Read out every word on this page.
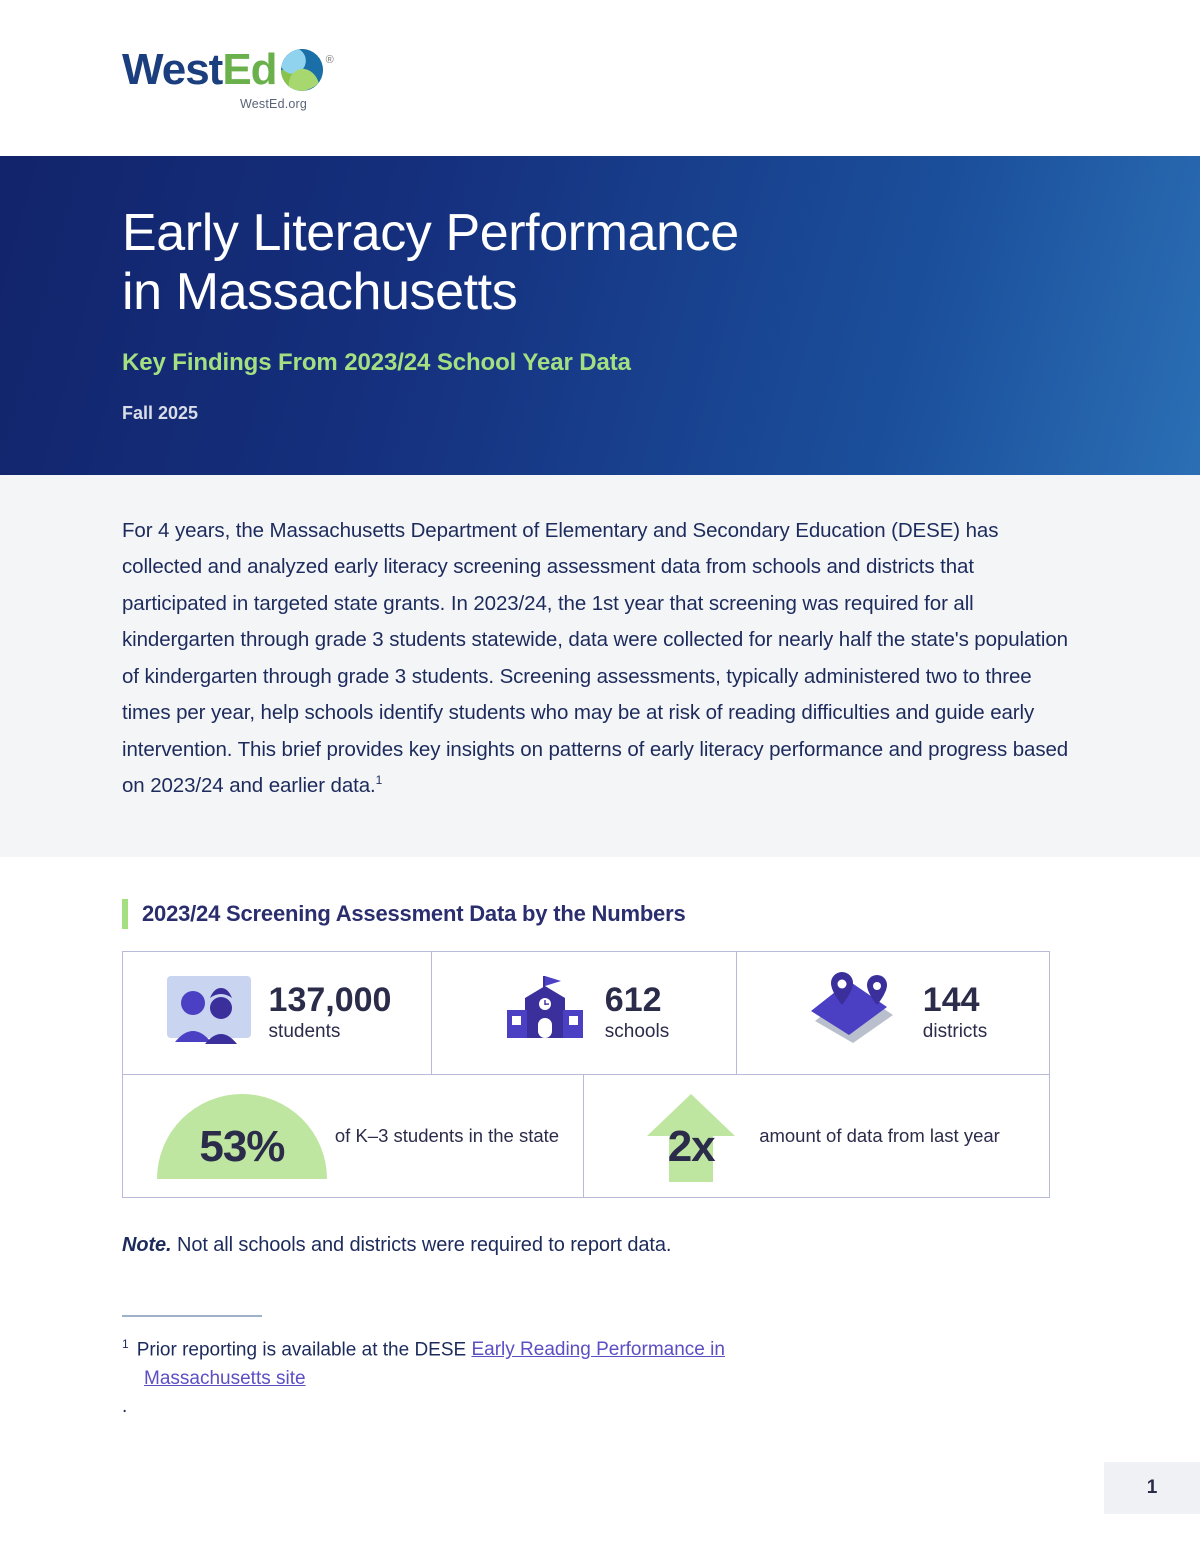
West Ed	®
WestEd.org
Early Literacy Performance
in Massachusetts
Key Findings From 2023/24 School Year Data
Fall 2025

For 4 years, the Massachusetts Department of Elementary and Secondary Education (DESE) has collected and analyzed early literacy screening assessment data from schools and districts that participated in targeted state grants. In 2023/24, the 1st year that screening was required for all kindergarten through grade 3 students statewide, data were collected for nearly half the state's population of kindergarten through grade 3 students. Screening assessments, typically administered two to three times per year, help schools identify students who may be at risk of reading difficulties and guide early intervention. This brief provides key insights on patterns of early literacy performance and progress based on 2023/24 and earlier data.$^1$

2023/24 Screening Assessment Data by the Numbers
137,000
students
612
schools
144
districts
53%	of K–3 students in the state 2x amount of data from last year
Note. Not all schools and districts were required to report data.
$^1$ Prior reporting is available at the DESE Early Reading Performance in

Massachusetts site
.
1
